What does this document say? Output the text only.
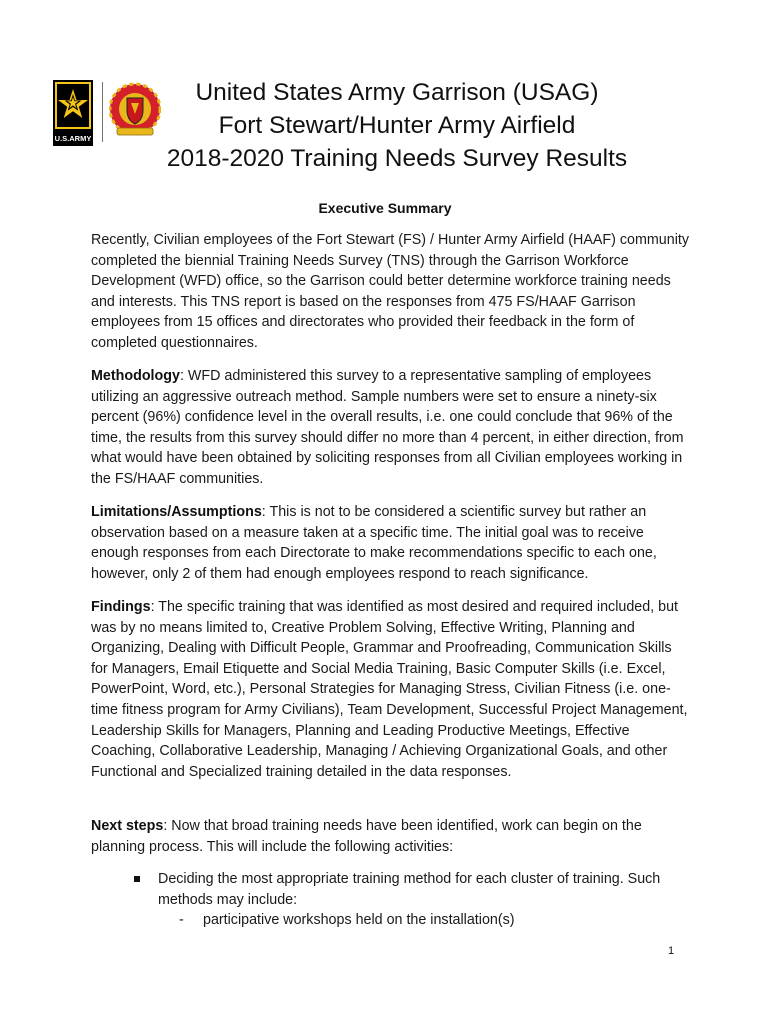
U.S.ARMY
United States Army Garrison (USAG)
Fort Stewart/Hunter Army Airfield
2018-2020 Training Needs Survey Results
Executive Summary
Recently, Civilian employees of the Fort Stewart (FS) / Hunter Army Airfield (HAAF) community completed the biennial Training Needs Survey (TNS) through the Garrison Workforce Development (WFD) office, so the Garrison could better determine workforce training needs and interests. This TNS report is based on the responses from 475 FS/HAAF Garrison employees from 15 offices and directorates who provided their feedback in the form of completed questionnaires.
Methodology: WFD administered this survey to a representative sampling of employees utilizing an aggressive outreach method. Sample numbers were set to ensure a ninety-six percent (96%) confidence level in the overall results, i.e. one could conclude that 96% of the time, the results from this survey should differ no more than 4 percent, in either direction, from what would have been obtained by soliciting responses from all Civilian employees working in the FS/HAAF communities.
Limitations/Assumptions: This is not to be considered a scientific survey but rather an observation based on a measure taken at a specific time. The initial goal was to receive enough responses from each Directorate to make recommendations specific to each one, however, only 2 of them had enough employees respond to reach significance.
Findings: The specific training that was identified as most desired and required included, but was by no means limited to, Creative Problem Solving, Effective Writing, Planning and Organizing, Dealing with Difficult People, Grammar and Proofreading, Communication Skills for Managers, Email Etiquette and Social Media Training, Basic Computer Skills (i.e. Excel, PowerPoint, Word, etc.), Personal Strategies for Managing Stress, Civilian Fitness (i.e. one-time fitness program for Army Civilians), Team Development, Successful Project Management, Leadership Skills for Managers, Planning and Leading Productive Meetings, Effective Coaching, Collaborative Leadership, Managing / Achieving Organizational Goals, and other Functional and Specialized training detailed in the data responses.
Next steps: Now that broad training needs have been identified, work can begin on the planning process. This will include the following activities:
Deciding the most appropriate training method for each cluster of training. Such methods may include:
- participative workshops held on the installation(s)
1
